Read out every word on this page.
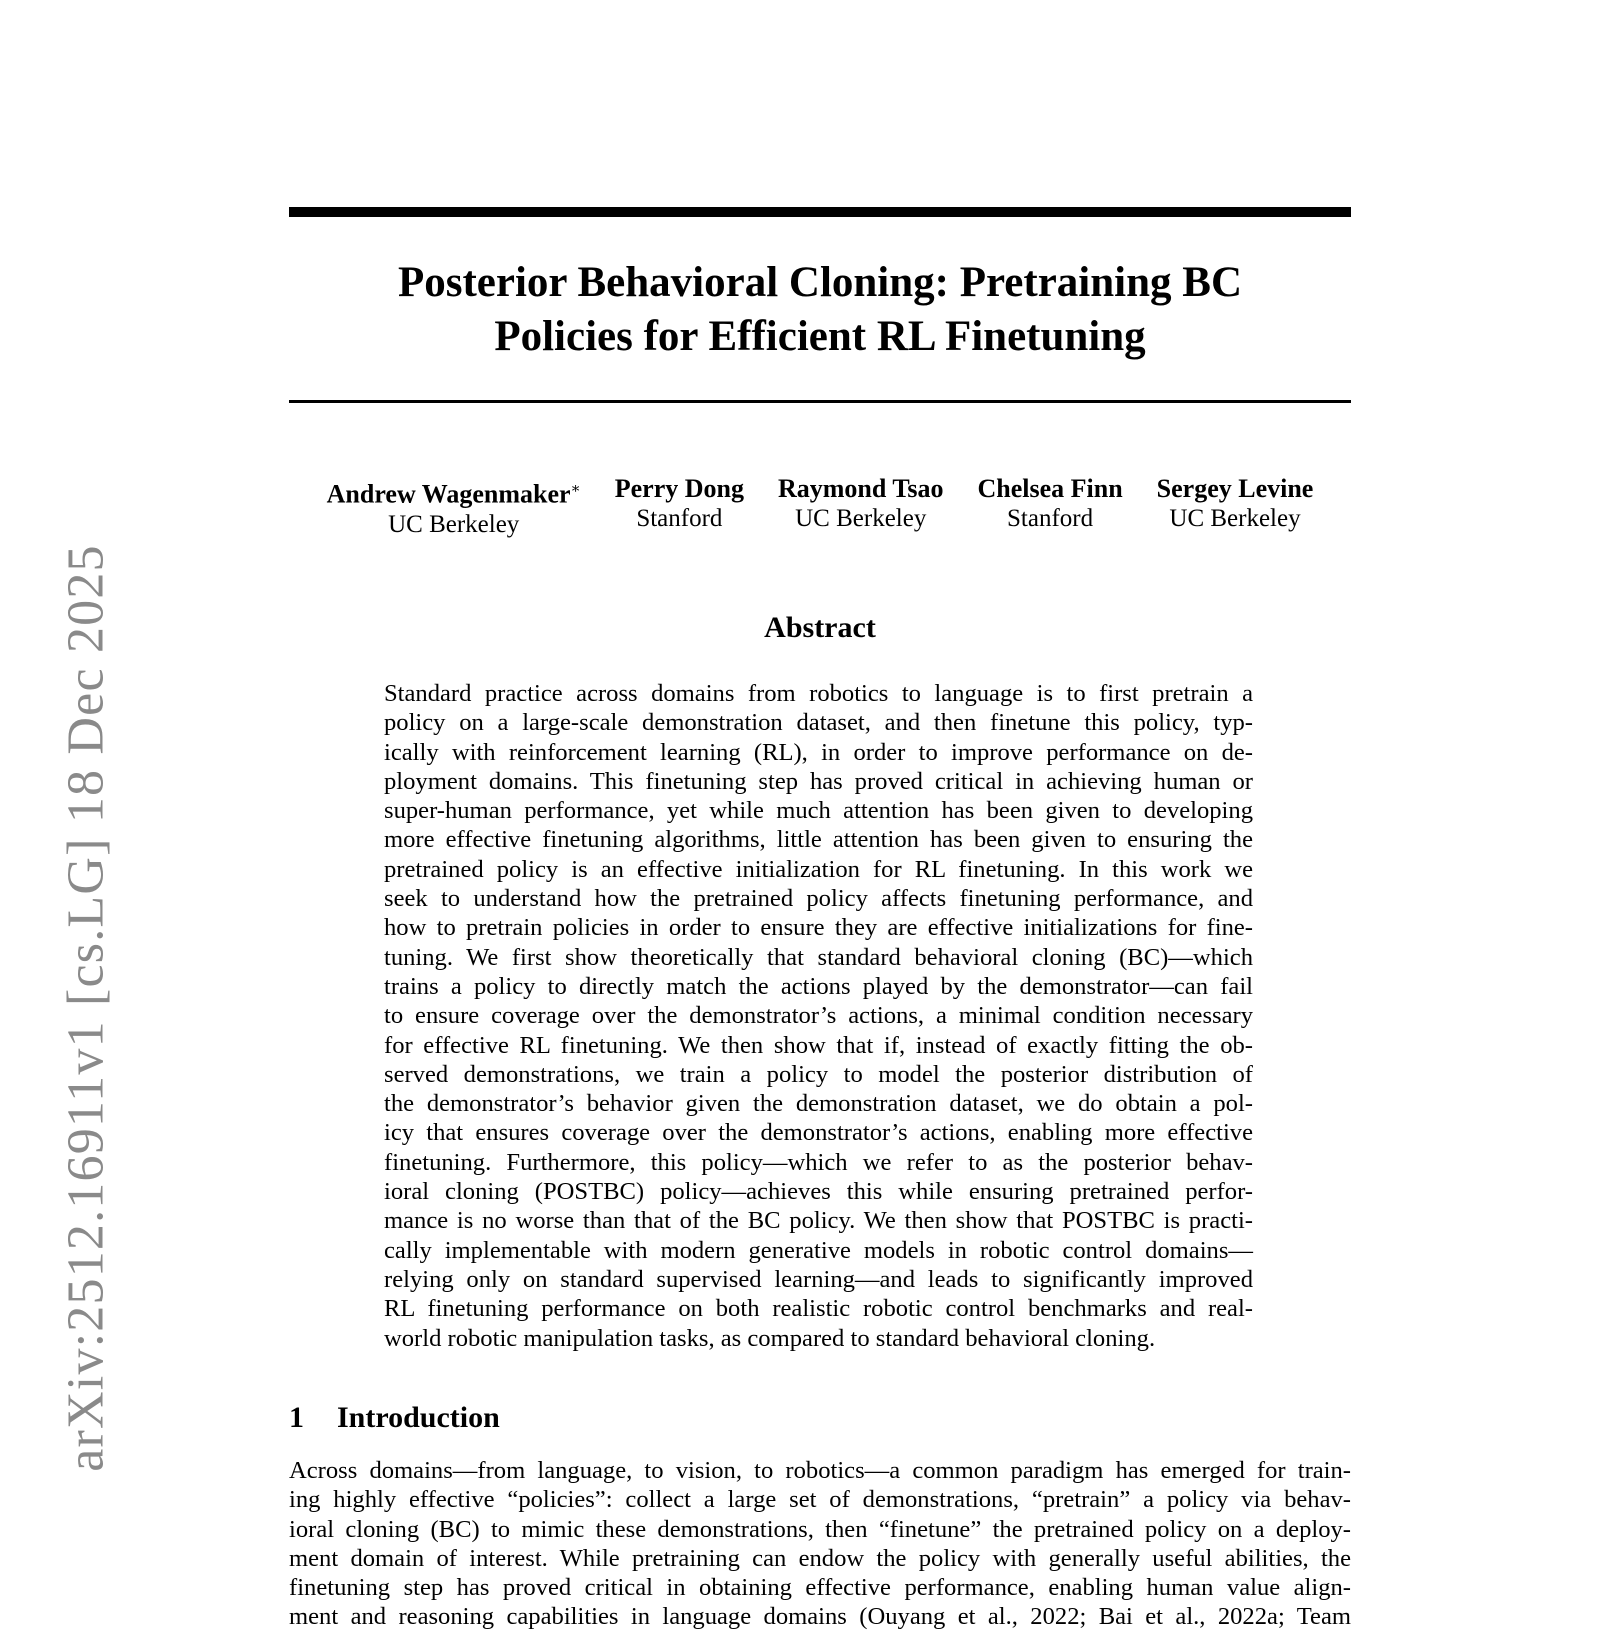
arXiv:2512.16911v1 [cs.LG] 18 Dec 2025
Posterior Behavioral Cloning: Pretraining BC
Policies for Efficient RL Finetuning
Andrew Wagenmaker∗
UC Berkeley
Perry Dong
Stanford
Raymond Tsao
UC Berkeley
Chelsea Finn
Stanford
Sergey Levine
UC Berkeley
Abstract
Standard practice across domains from robotics to language is to first pretrain a
policy on a large-scale demonstration dataset, and then finetune this policy, typ-
ically with reinforcement learning (RL), in order to improve performance on de-
ployment domains. This finetuning step has proved critical in achieving human or
super-human performance, yet while much attention has been given to developing
more effective finetuning algorithms, little attention has been given to ensuring the
pretrained policy is an effective initialization for RL finetuning. In this work we
seek to understand how the pretrained policy affects finetuning performance, and
how to pretrain policies in order to ensure they are effective initializations for fine-
tuning. We first show theoretically that standard behavioral cloning (BC)—which
trains a policy to directly match the actions played by the demonstrator—can fail
to ensure coverage over the demonstrator’s actions, a minimal condition necessary
for effective RL finetuning. We then show that if, instead of exactly fitting the ob-
served demonstrations, we train a policy to model the posterior distribution of
the demonstrator’s behavior given the demonstration dataset, we do obtain a pol-
icy that ensures coverage over the demonstrator’s actions, enabling more effective
finetuning. Furthermore, this policy—which we refer to as the posterior behav-
ioral cloning (POSTBC) policy—achieves this while ensuring pretrained perfor-
mance is no worse than that of the BC policy. We then show that POSTBC is practi-
cally implementable with modern generative models in robotic control domains—
relying only on standard supervised learning—and leads to significantly improved
RL finetuning performance on both realistic robotic control benchmarks and real-
world robotic manipulation tasks, as compared to standard behavioral cloning.
1 Introduction
Across domains—from language, to vision, to robotics—a common paradigm has emerged for train-
ing highly effective “policies”: collect a large set of demonstrations, “pretrain” a policy via behav-
ioral cloning (BC) to mimic these demonstrations, then “finetune” the pretrained policy on a deploy-
ment domain of interest. While pretraining can endow the policy with generally useful abilities, the
finetuning step has proved critical in obtaining effective performance, enabling human value align-
ment and reasoning capabilities in language domains (Ouyang et al., 2022; Bai et al., 2022a; Team
